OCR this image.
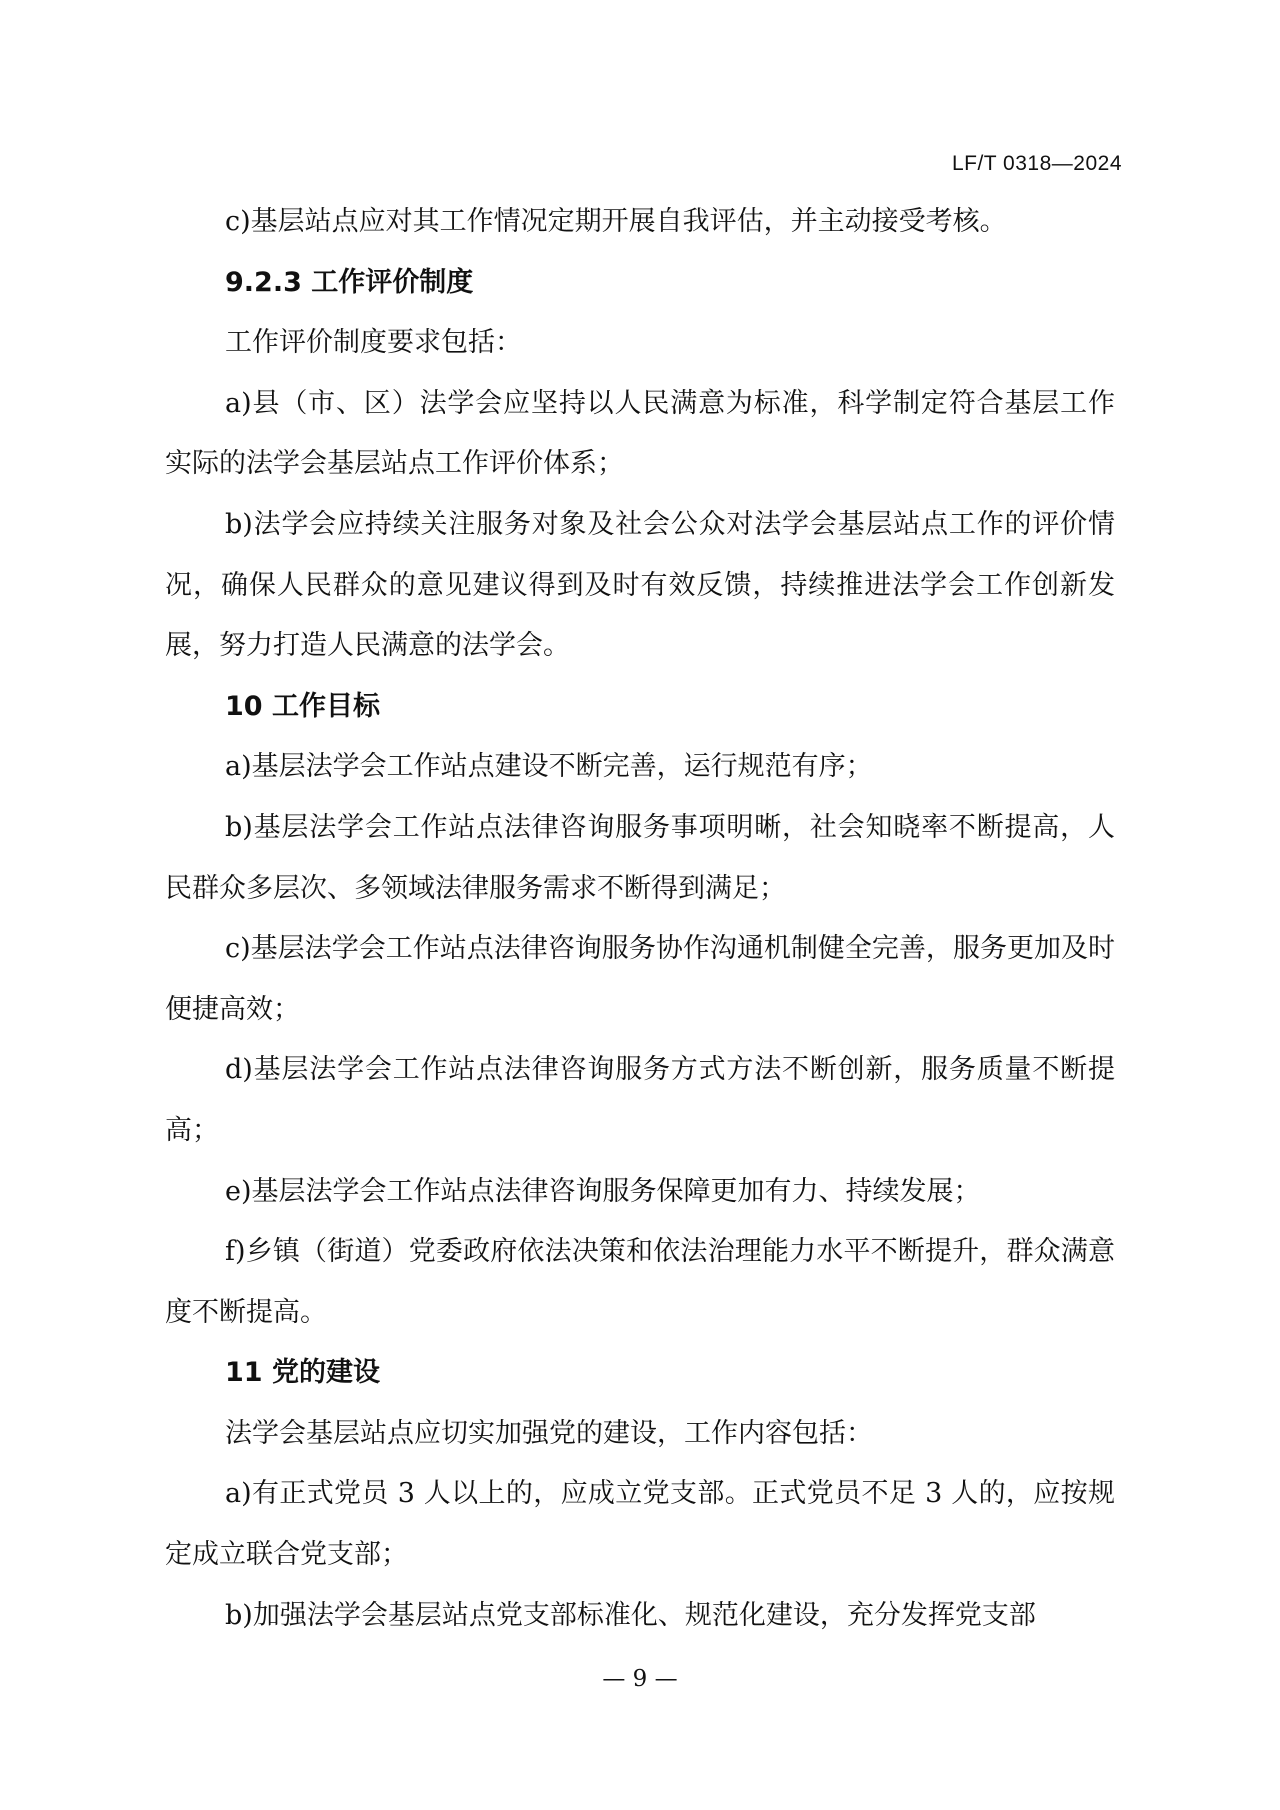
LF/T 0318—2024

c)基层站点应对其工作情况定期开展自我评估，并主动接受考核。

9.2.3 工作评价制度

工作评价制度要求包括：

a)县（市、区）法学会应坚持以人民满意为标准，科学制定符合基层工作实际的法学会基层站点工作评价体系；

b)法学会应持续关注服务对象及社会公众对法学会基层站点工作的评价情况，确保人民群众的意见建议得到及时有效反馈，持续推进法学会工作创新发展，努力打造人民满意的法学会。

10 工作目标

a)基层法学会工作站点建设不断完善，运行规范有序；

b)基层法学会工作站点法律咨询服务事项明晰，社会知晓率不断提高，人民群众多层次、多领域法律服务需求不断得到满足；

c)基层法学会工作站点法律咨询服务协作沟通机制健全完善，服务更加及时便捷高效；

d)基层法学会工作站点法律咨询服务方式方法不断创新，服务质量不断提高；

e)基层法学会工作站点法律咨询服务保障更加有力、持续发展；

f)乡镇（街道）党委政府依法决策和依法治理能力水平不断提升，群众满意度不断提高。

11 党的建设

法学会基层站点应切实加强党的建设，工作内容包括：

a)有正式党员 3 人以上的，应成立党支部。正式党员不足 3 人的，应按规定成立联合党支部；

b)加强法学会基层站点党支部标准化、规范化建设，充分发挥党支部

— 9 —
